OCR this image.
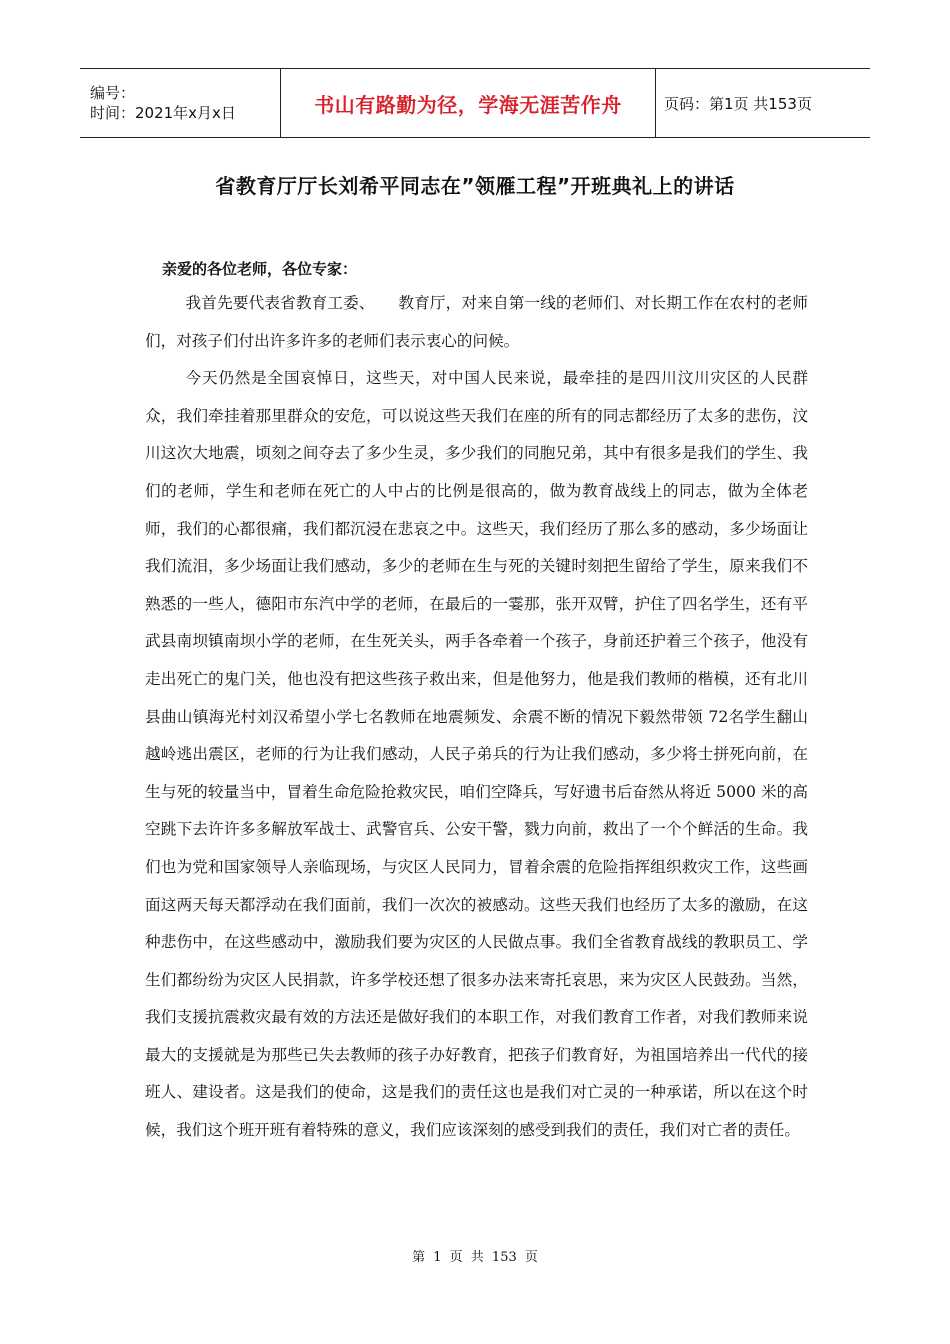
编号：
时间：2021年x月x日	书山有路勤为径，学海无涯苦作舟	页码：第1页 共153页
省教育厅厅长刘希平同志在”领雁工程”开班典礼上的讲话
亲爱的各位老师，各位专家：

我首先要代表省教育工委、　　教育厅，对来自第一线的老师们、对长期工作在农村的老师们，对孩子们付出许多许多的老师们表示衷心的问候。

今天仍然是全国哀悼日，这些天，对中国人民来说，最牵挂的是四川汶川灾区的人民群众，我们牵挂着那里群众的安危，可以说这些天我们在座的所有的同志都经历了太多的悲伤，汶川这次大地震，顷刻之间夺去了多少生灵，多少我们的同胞兄弟，其中有很多是我们的学生、我们的老师，学生和老师在死亡的人中占的比例是很高的，做为教育战线上的同志，做为全体老师，我们的心都很痛，我们都沉浸在悲哀之中。这些天，我们经历了那么多的感动，多少场面让我们流泪，多少场面让我们感动，多少的老师在生与死的关键时刻把生留给了学生，原来我们不熟悉的一些人，德阳市东汽中学的老师，在最后的一霎那，张开双臂，护住了四名学生，还有平武县南坝镇南坝小学的老师，在生死关头，两手各牵着一个孩子，身前还护着三个孩子，他没有走出死亡的鬼门关，他也没有把这些孩子救出来，但是他努力，他是我们教师的楷模，还有北川县曲山镇海光村刘汉希望小学七名教师在地震频发、余震不断的情况下毅然带领 72名学生翻山越岭逃出震区，老师的行为让我们感动，人民子弟兵的行为让我们感动，多少将士拼死向前，在生与死的较量当中，冒着生命危险抢救灾民，咱们空降兵，写好遗书后奋然从将近 5000 米的高空跳下去许许多多解放军战士、武警官兵、公安干警，戮力向前，救出了一个个鲜活的生命。我们也为党和国家领导人亲临现场，与灾区人民同力，冒着余震的危险指挥组织救灾工作，这些画面这两天每天都浮动在我们面前，我们一次次的被感动。这些天我们也经历了太多的激励，在这种悲伤中，在这些感动中，激励我们要为灾区的人民做点事。我们全省教育战线的教职员工、学生们都纷纷为灾区人民捐款，许多学校还想了很多办法来寄托哀思，来为灾区人民鼓劲。当然，我们支援抗震救灾最有效的方法还是做好我们的本职工作，对我们教育工作者，对我们教师来说最大的支援就是为那些已失去教师的孩子办好教育，把孩子们教育好，为祖国培养出一代代的接班人、建设者。这是我们的使命，这是我们的责任这也是我们对亡灵的一种承诺，所以在这个时候，我们这个班开班有着特殊的意义，我们应该深刻的感受到我们的责任，我们对亡者的责任。

第 1 页 共 153 页
